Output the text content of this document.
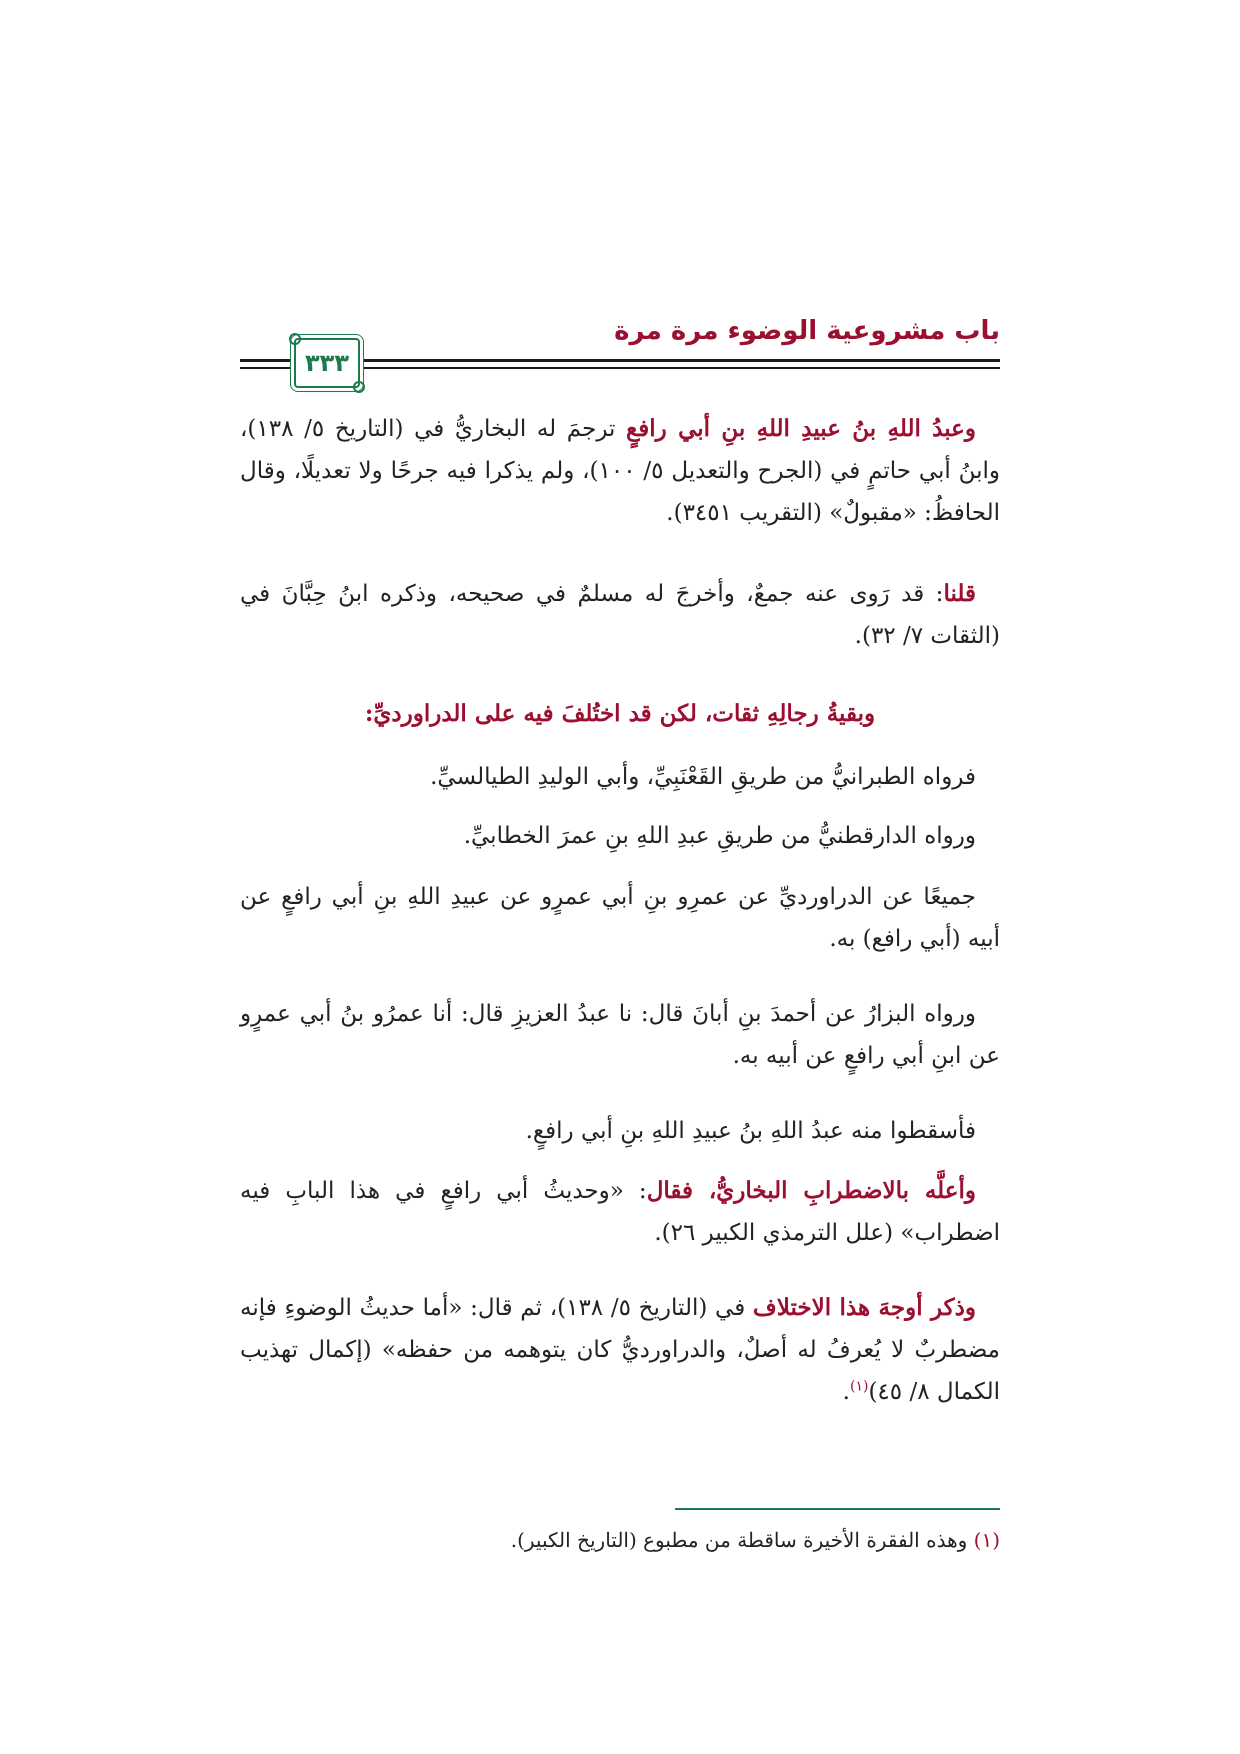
باب مشروعية الوضوء مرة مرة
٣٣٣

وعبدُ اللهِ بنُ عبيدِ اللهِ بنِ أبي رافعٍ ترجمَ له البخاريُّ في (التاريخ ٥/ ١٣٨)، وابنُ أبي حاتمٍ في (الجرح والتعديل ٥/ ١٠٠)، ولم يذكرا فيه جرحًا ولا تعديلًا، وقال الحافظُ: «مقبولٌ» (التقريب ٣٤٥١).

قلنا: قد رَوى عنه جمعٌ، وأخرجَ له مسلمٌ في صحيحه، وذكره ابنُ حِبَّانَ في (الثقات ٧/ ٣٢).

وبقيةُ رجالِهِ ثقات، لكن قد اختُلفَ فيه على الدراورديِّ:

فرواه الطبرانيُّ من طريقِ القَعْنَبِيِّ، وأبي الوليدِ الطيالسيِّ.

ورواه الدارقطنيُّ من طريقِ عبدِ اللهِ بنِ عمرَ الخطابيِّ.

جميعًا عن الدراورديِّ عن عمرِو بنِ أبي عمرٍو عن عبيدِ اللهِ بنِ أبي رافعٍ عن أبيه (أبي رافع) به.

ورواه البزارُ عن أحمدَ بنِ أبانَ قال: نا عبدُ العزيزِ قال: أنا عمرُو بنُ أبي عمرٍو عن ابنِ أبي رافعٍ عن أبيه به.

فأسقطوا منه عبدُ اللهِ بنُ عبيدِ اللهِ بنِ أبي رافعٍ.

وأعلَّه بالاضطرابِ البخاريُّ، فقال: «وحديثُ أبي رافعٍ في هذا البابِ فيه اضطراب» (علل الترمذي الكبير ٢٦).

وذكر أوجهَ هذا الاختلاف في (التاريخ ٥/ ١٣٨)، ثم قال: «أما حديثُ الوضوءِ فإنه مضطربٌ لا يُعرفُ له أصلٌ، والدراورديُّ كان يتوهمه من حفظه» (إكمال تهذيب الكمال ٨/ ٤٥)$^{(١)}$.

(١) وهذه الفقرة الأخيرة ساقطة من مطبوع (التاريخ الكبير).
